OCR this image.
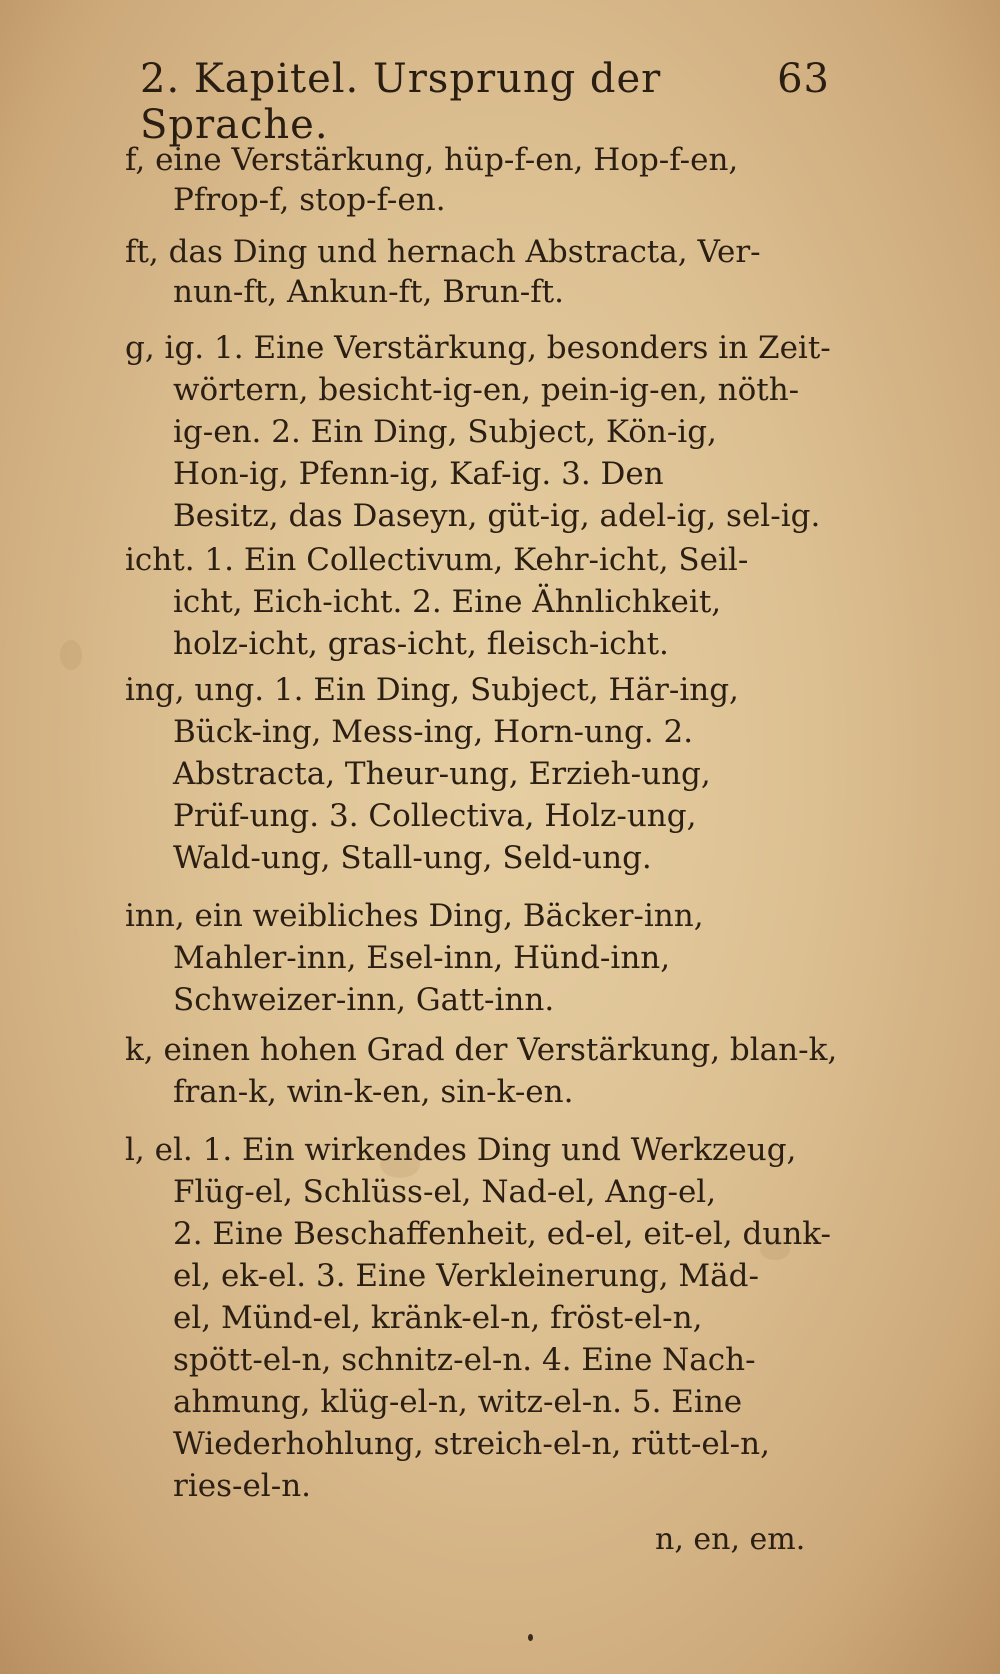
2. Kapitel. Ursprung der Sprache.
63
f, eine Verstärkung, hüp-f-en, Hop-f-en,
Pfrop-f, stop-f-en.
ft, das Ding und hernach Abstracta, Ver-
nun-ft, Ankun-ft, Brun-ft.
g, ig. 1. Eine Verstärkung, besonders in Zeit-
wörtern, besicht-ig-en, pein-ig-en, nöth-
ig-en. 2. Ein Ding, Subject, Kön-ig,
Hon-ig, Pfenn-ig, Kaf-ig. 3. Den
Besitz, das Daseyn, güt-ig, adel-ig, sel-ig.
icht. 1. Ein Collectivum, Kehr-icht, Seil-
icht, Eich-icht. 2. Eine Ähnlichkeit,
holz-icht, gras-icht, fleisch-icht.
ing, ung. 1. Ein Ding, Subject, Här-ing,
Bück-ing, Mess-ing, Horn-ung. 2.
Abstracta, Theur-ung, Erzieh-ung,
Prüf-ung. 3. Collectiva, Holz-ung,
Wald-ung, Stall-ung, Seld-ung.
inn, ein weibliches Ding, Bäcker-inn,
Mahler-inn, Esel-inn, Hünd-inn,
Schweizer-inn, Gatt-inn.
k, einen hohen Grad der Verstärkung, blan-k,
fran-k, win-k-en, sin-k-en.
l, el. 1. Ein wirkendes Ding und Werkzeug,
Flüg-el, Schlüss-el, Nad-el, Ang-el,
2. Eine Beschaffenheit, ed-el, eit-el, dunk-
el, ek-el. 3. Eine Verkleinerung, Mäd-
el, Münd-el, kränk-el-n, fröst-el-n,
spött-el-n, schnitz-el-n. 4. Eine Nach-
ahmung, klüg-el-n, witz-el-n. 5. Eine
Wiederhohlung, streich-el-n, rütt-el-n,
ries-el-n.
n, en, em.
